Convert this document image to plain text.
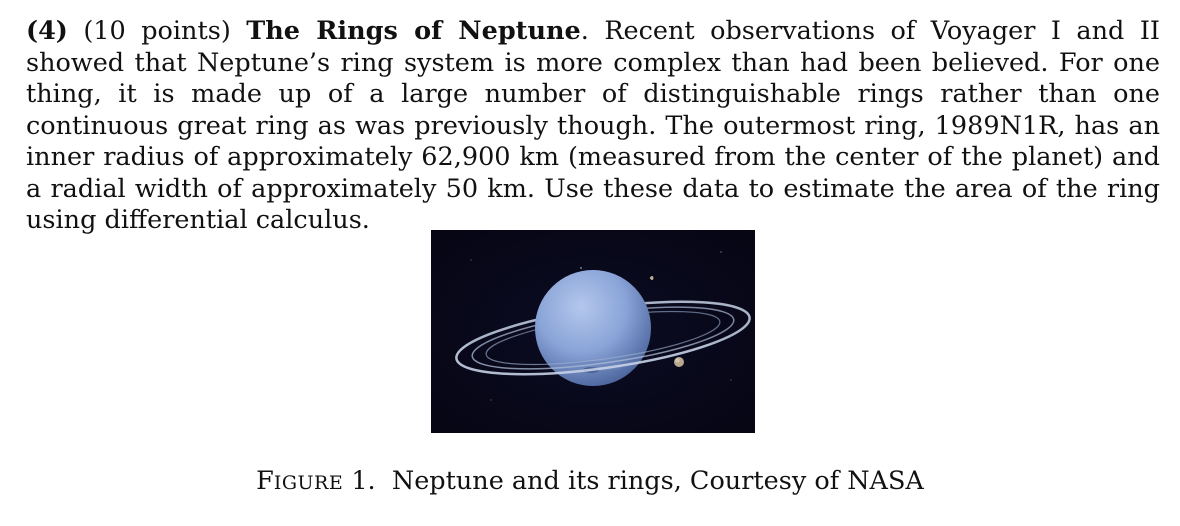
(4) (10 points) The Rings of Neptune. Recent observations of Voyager I and II showed that Neptune’s ring system is more complex than had been believed. For one thing, it is made up of a large number of distinguishable rings rather than one continuous great ring as was previously though. The outermost ring, 1989N1R, has an inner radius of approximately 62,900 km (measured from the center of the planet) and a radial width of approximately 50 km. Use these data to estimate the area of the ring using differential calculus.

FIGURE 1. Neptune and its rings, Courtesy of NASA
